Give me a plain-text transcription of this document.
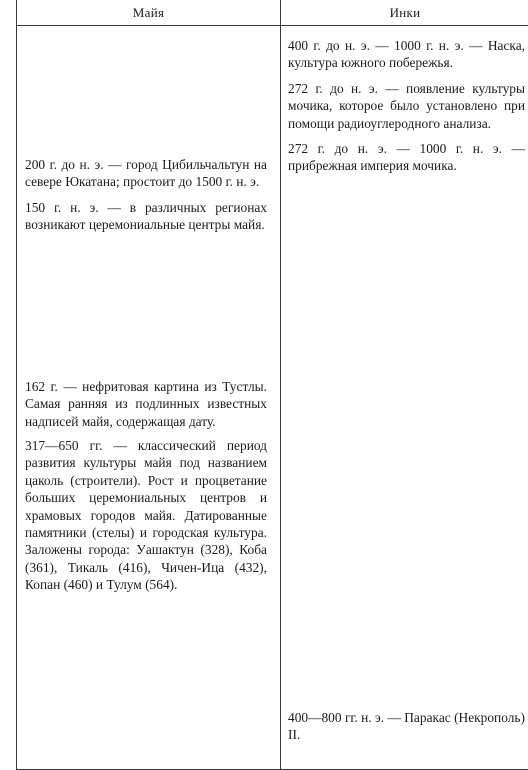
Майя	Инки

200 г. до н. э. — город Цибильчальтун на севере Юкатана; простоит до 1500 г. н. э.

150 г. н. э. — в различных регионах возникают церемониальные центры майя.

162 г. — нефритовая картина из Тустлы. Самая ранняя из подлинных известных надписей майя, содержащая дату.

317—650 гг. — классический период развития культуры майя под названием цаколь (строители). Рост и процветание больших церемониальных центров и храмовых городов майя. Датированные памятники (стелы) и городская культура. Заложены города: Уашактун (328), Коба (361), Тикаль (416), Чичен-Ица (432), Копан (460) и Тулум (564).

400 г. до н. э. — 1000 г. н. э. — Наска, культура южного побережья.

272 г. до н. э. — появление культуры мочика, которое было установлено при помощи радиоуглеродного анализа.

272 г. до н. э. — 1000 г. н. э. — прибрежная империя мочика.

400—800 гг. н. э. — Паракас (Некрополь) II.
